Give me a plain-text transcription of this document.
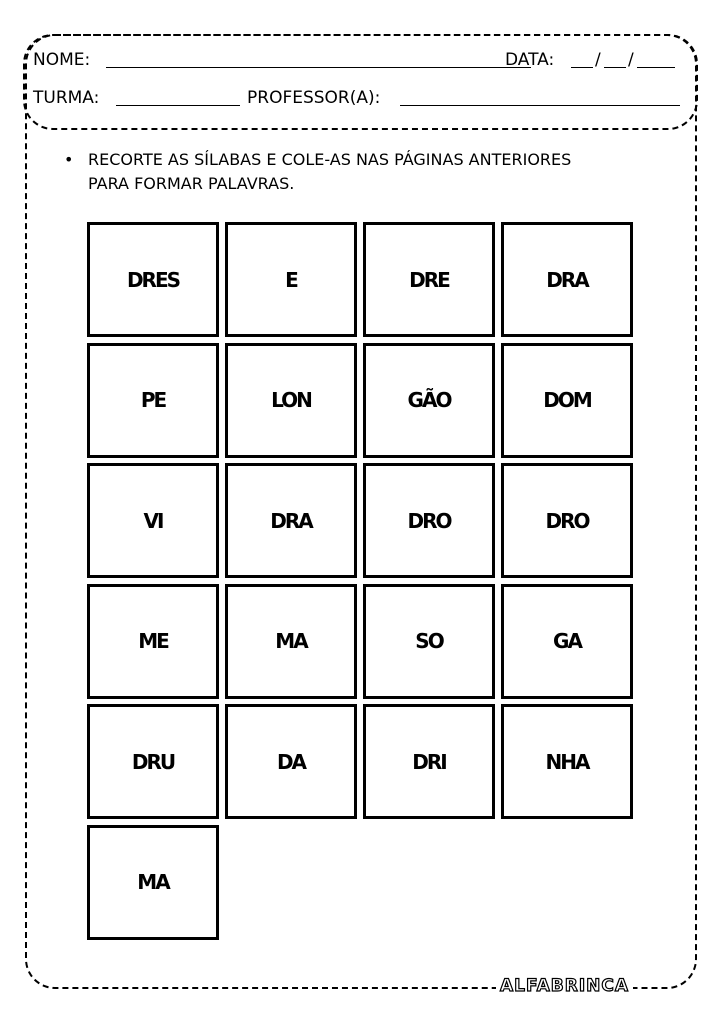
NOME:	DATA: / /
TURMA:	PROFESSOR(A):
• RECORTE AS SÍLABAS E COLE-AS NAS PÁGINAS ANTERIORES
PARA FORMAR PALAVRAS.
DRES	E	DRE	DRA
PE	LON	GÃO	DOM
VI	DRA	DRO	DRO
ME	MA	SO	GA
DRU	DA	DRI	NHA
MA
ALFABRINCA
